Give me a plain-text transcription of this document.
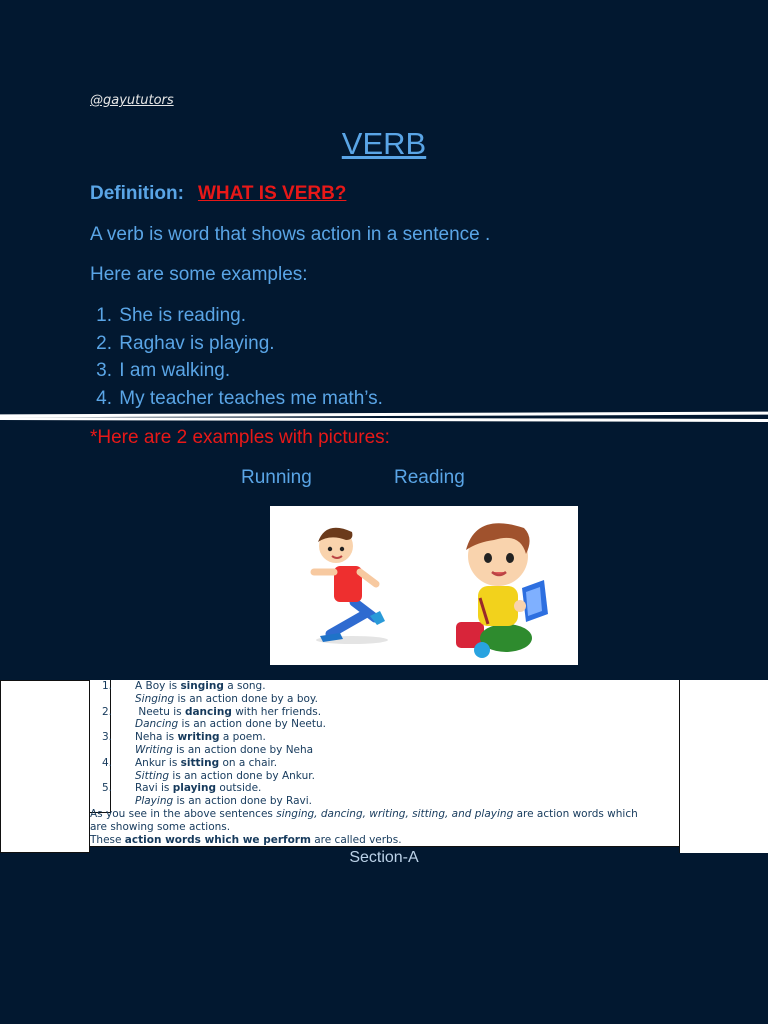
@gayututors
VERB
Definition: WHAT IS VERB?
A verb is word that shows action in a sentence .
Here are some examples:
1. She is reading.
2. Raghav is playing.
3. I am walking.
4. My teacher teaches me math’s.
*Here are 2 examples with pictures:
Running	Reading
1. A Boy is singing a song.
Singing is an action done by a boy.
2. Neetu is dancing with her friends.
Dancing is an action done by Neetu.
3. Neha is writing a poem.
Writing is an action done by Neha
4. Ankur is sitting on a chair.
Sitting is an action done by Ankur.
5. Ravi is playing outside.
Playing is an action done by Ravi.
As you see in the above sentences singing, dancing, writing, sitting, and playing are action words which
are showing some actions.
These action words which we perform are called verbs.
Section-A
